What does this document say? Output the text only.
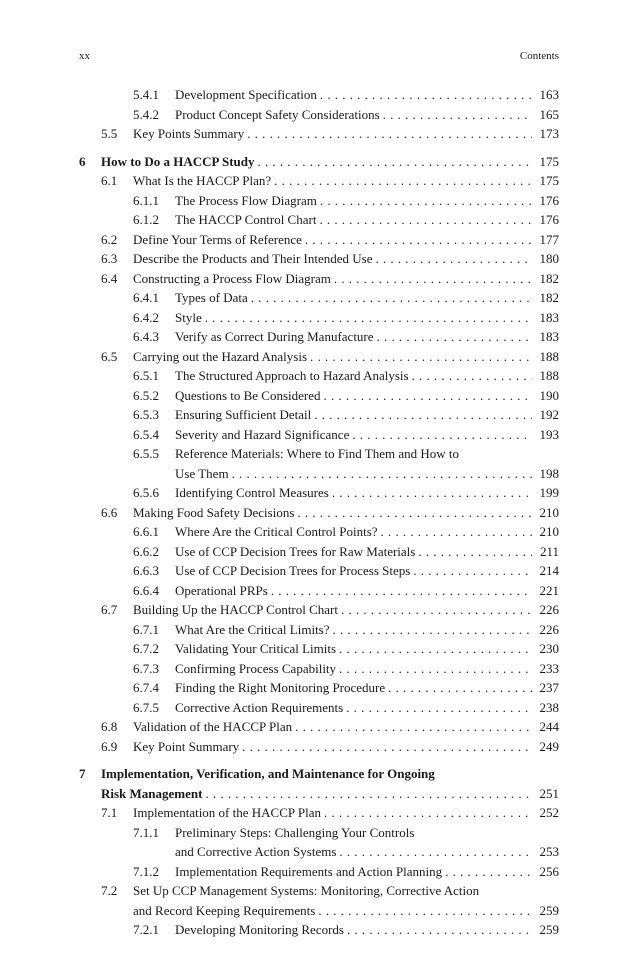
xx	Contents
5.4.1	Development Specification .....	163
5.4.2	Product Concept Safety Considerations .....	165
5.5	Key Points Summary .....	173
6	How to Do a HACCP Study .....	175
6.1	What Is the HACCP Plan? .....	175
6.1.1	The Process Flow Diagram .....	176
6.1.2	The HACCP Control Chart .....	176
6.2	Define Your Terms of Reference .....	177
6.3	Describe the Products and Their Intended Use .....	180
6.4	Constructing a Process Flow Diagram .....	182
6.4.1	Types of Data .....	182
6.4.2	Style .....	183
6.4.3	Verify as Correct During Manufacture .....	183
6.5	Carrying out the Hazard Analysis .....	188
6.5.1	The Structured Approach to Hazard Analysis .....	188
6.5.2	Questions to Be Considered .....	190
6.5.3	Ensuring Sufficient Detail .....	192
6.5.4	Severity and Hazard Significance .....	193
6.5.5	Reference Materials: Where to Find Them and How to
Use Them .....	198
6.5.6	Identifying Control Measures .....	199
6.6	Making Food Safety Decisions .....	210
6.6.1	Where Are the Critical Control Points? .....	210
6.6.2	Use of CCP Decision Trees for Raw Materials .....	211
6.6.3	Use of CCP Decision Trees for Process Steps .....	214
6.6.4	Operational PRPs .....	221
6.7	Building Up the HACCP Control Chart .....	226
6.7.1	What Are the Critical Limits? .....	226
6.7.2	Validating Your Critical Limits .....	230
6.7.3	Confirming Process Capability .....	233
6.7.4	Finding the Right Monitoring Procedure .....	237
6.7.5	Corrective Action Requirements .....	238
6.8	Validation of the HACCP Plan .....	244
6.9	Key Point Summary .....	249
7	Implementation, Verification, and Maintenance for Ongoing
Risk Management .....	251
7.1	Implementation of the HACCP Plan .....	252
7.1.1	Preliminary Steps: Challenging Your Controls
and Corrective Action Systems .....	253
7.1.2	Implementation Requirements and Action Planning .....	256
7.2	Set Up CCP Management Systems: Monitoring, Corrective Action
and Record Keeping Requirements .....	259
7.2.1	Developing Monitoring Records .....	259
